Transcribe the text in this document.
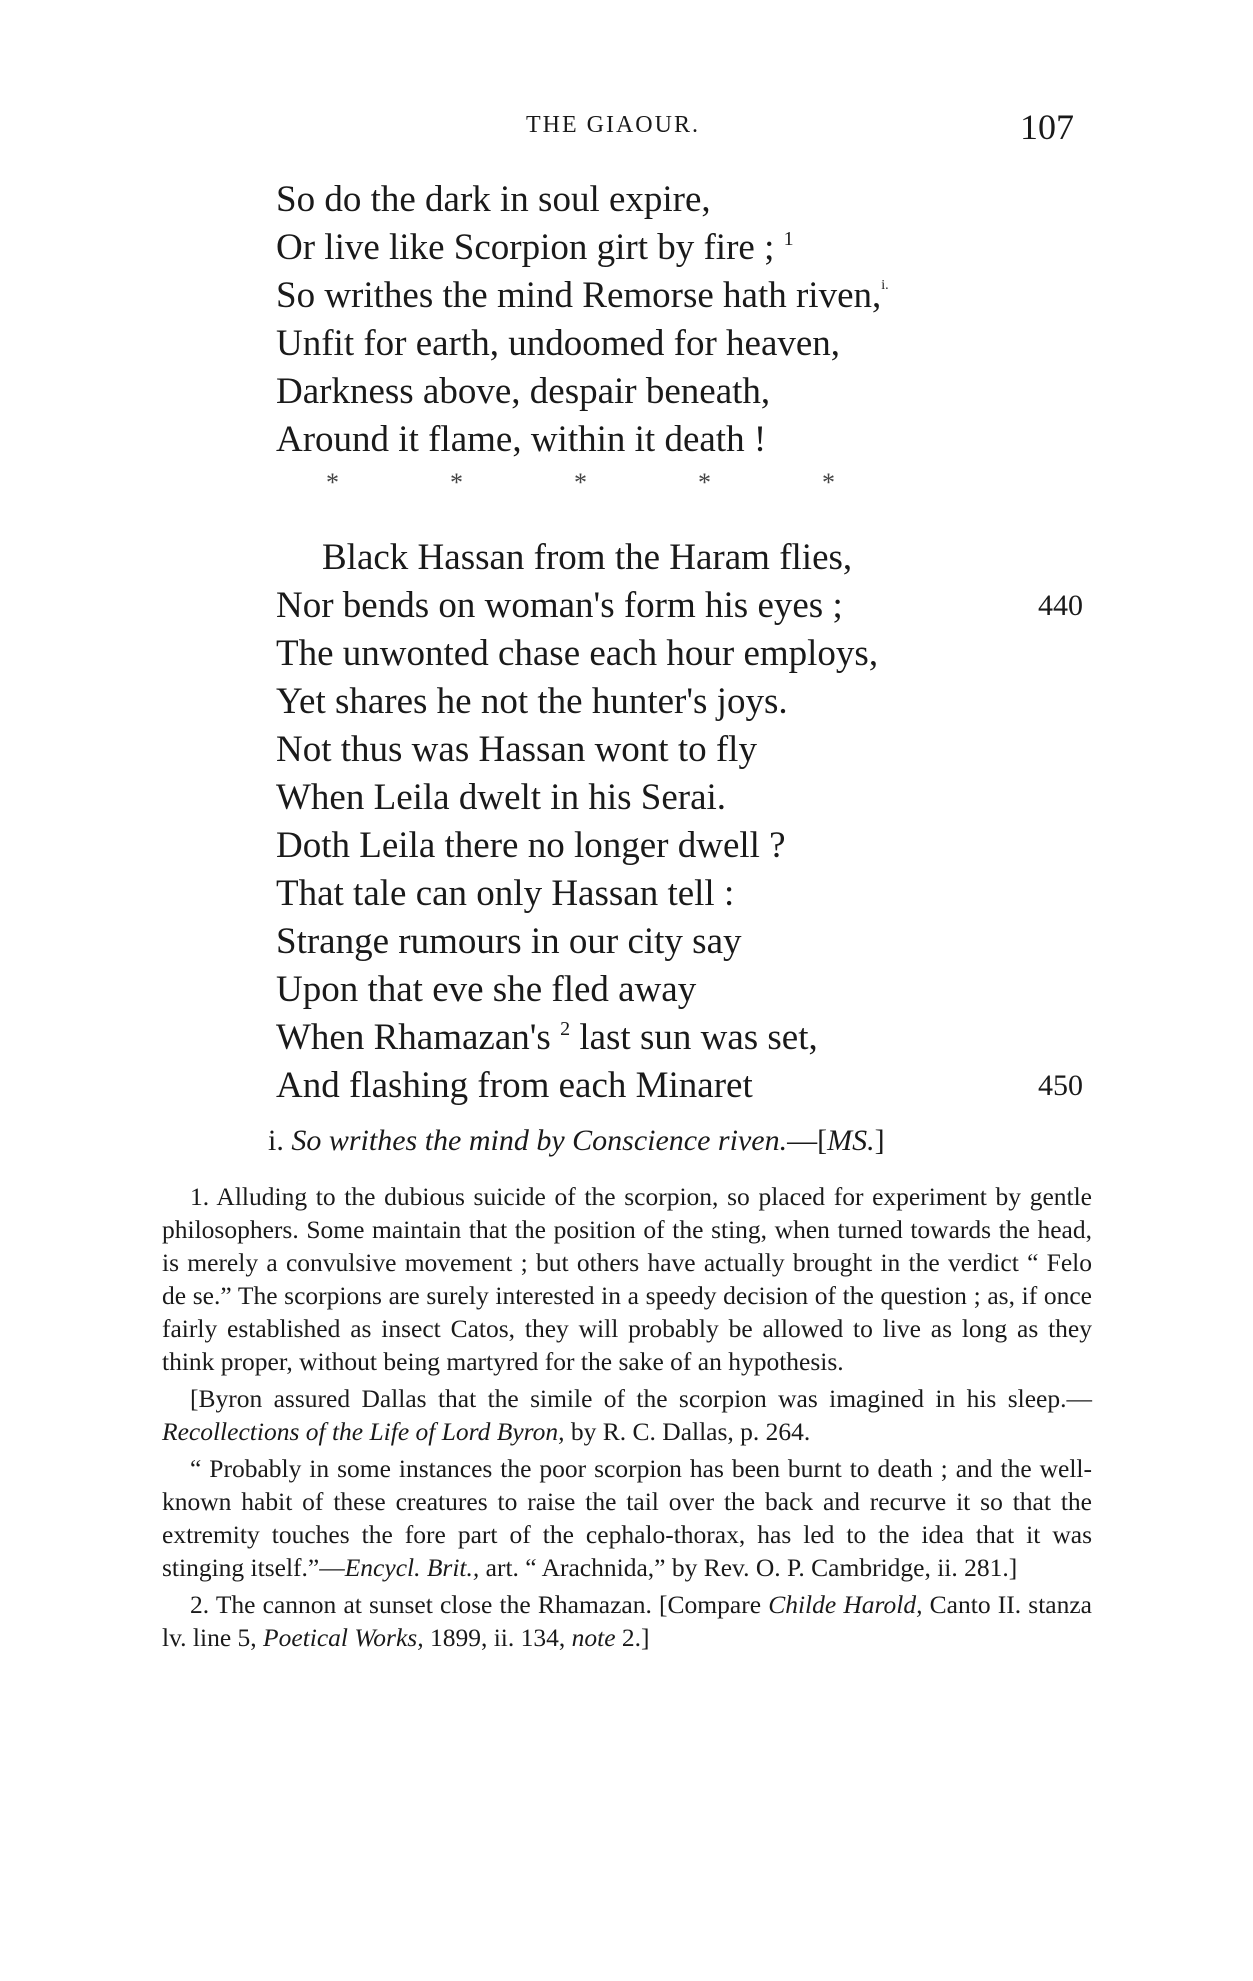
THE GIAOUR.	107
So do the dark in soul expire,
Or live like Scorpion girt by fire ; $^1$
So writhes the mind Remorse hath riven,$^{i.}$
Unfit for earth, undoomed for heaven,
Darkness above, despair beneath,
Around it flame, within it death !
*	*	*	*	*
Black Hassan from the Haram flies,
Nor bends on woman's form his eyes ;	440
The unwonted chase each hour employs,
Yet shares he not the hunter's joys.
Not thus was Hassan wont to fly
When Leila dwelt in his Serai.
Doth Leila there no longer dwell ?
That tale can only Hassan tell :
Strange rumours in our city say
Upon that eve she fled away
When Rhamazan's $^2$ last sun was set,
And flashing from each Minaret	450
i. So writhes the mind by Conscience riven.—[MS.]

1. Alluding to the dubious suicide of the scorpion, so placed for experiment by gentle philosophers. Some maintain that the position of the sting, when turned towards the head, is merely a convulsive movement ; but others have actually brought in the verdict “ Felo de se.” The scorpions are surely interested in a speedy decision of the question ; as, if once fairly established as insect Catos, they will probably be allowed to live as long as they think proper, without being martyred for the sake of an hypothesis.

[Byron assured Dallas that the simile of the scorpion was imagined in his sleep.—Recollections of the Life of Lord Byron, by R. C. Dallas, p. 264.

“ Probably in some instances the poor scorpion has been burnt to death ; and the well-known habit of these creatures to raise the tail over the back and recurve it so that the extremity touches the fore part of the cephalo-thorax, has led to the idea that it was stinging itself.”—Encycl. Brit., art. “ Arachnida,” by Rev. O. P. Cambridge, ii. 281.]

2. The cannon at sunset close the Rhamazan. [Compare Childe Harold, Canto II. stanza lv. line 5, Poetical Works, 1899, ii. 134, note 2.]
